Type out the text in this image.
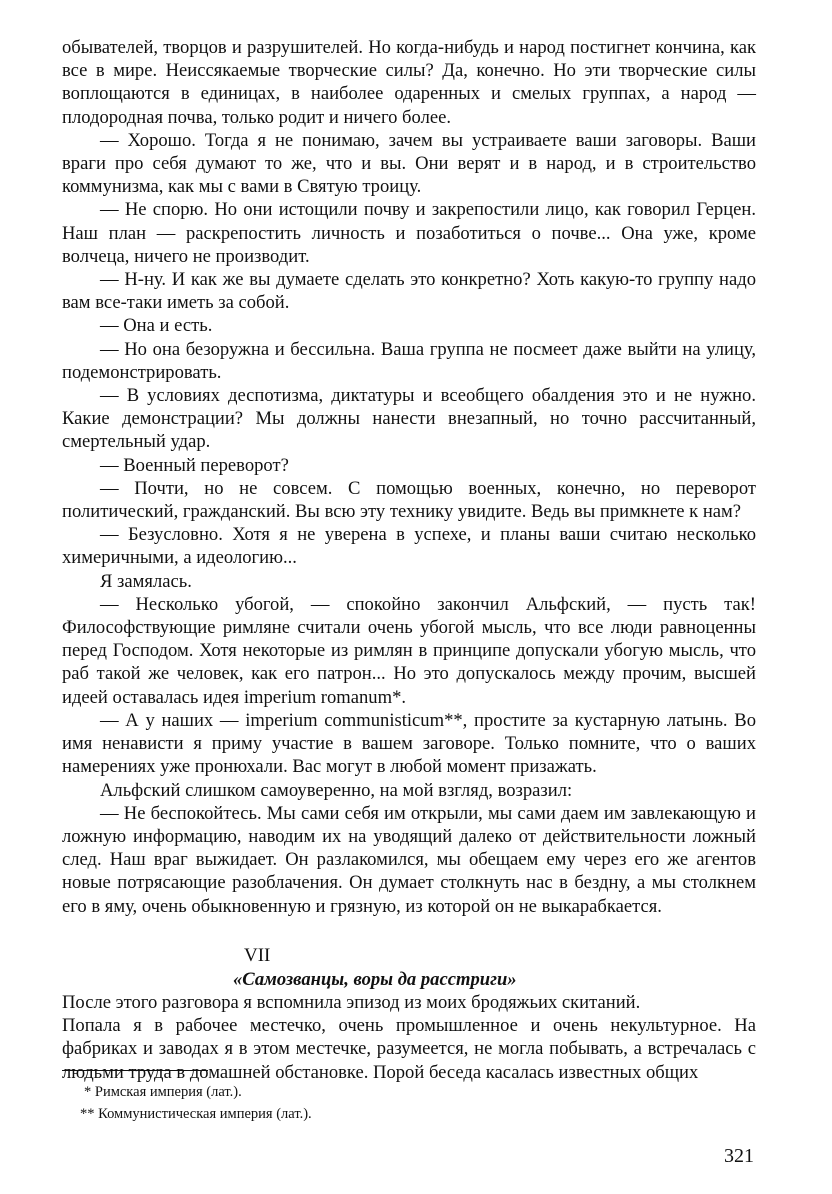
обывателей, творцов и разрушителей. Но когда-нибудь и народ постигнет кончина, как все в мире. Неиссякаемые творческие силы? Да, конечно. Но эти творческие силы воплощаются в единицах, в наиболее одаренных и смелых группах, а народ — плодородная почва, только родит и ничего более.

— Хорошо. Тогда я не понимаю, зачем вы устраиваете ваши заговоры. Ваши враги про себя думают то же, что и вы. Они верят и в народ, и в строительство коммунизма, как мы с вами в Святую троицу.

— Не спорю. Но они истощили почву и закрепостили лицо, как говорил Герцен. Наш план — раскрепостить личность и позаботиться о почве... Она уже, кроме волчеца, ничего не производит.

— Н-ну. И как же вы думаете сделать это конкретно? Хоть какую-то группу надо вам все-таки иметь за собой.

— Она и есть.

— Но она безоружна и бессильна. Ваша группа не посмеет даже выйти на улицу, подемонстрировать.

— В условиях деспотизма, диктатуры и всеобщего обалдения это и не нужно. Какие демонстрации? Мы должны нанести внезапный, но точно рассчитанный, смертельный удар.

— Военный переворот?

— Почти, но не совсем. С помощью военных, конечно, но переворот политический, гражданский. Вы всю эту технику увидите. Ведь вы примкнете к нам?

— Безусловно. Хотя я не уверена в успехе, и планы ваши считаю несколько химеричными, а идеологию...

Я замялась.

— Несколько убогой, — спокойно закончил Альфский, — пусть так! Философствующие римляне считали очень убогой мысль, что все люди равноценны перед Господом. Хотя некоторые из римлян в принципе допускали убогую мысль, что раб такой же человек, как его патрон... Но это допускалось между прочим, высшей идеей оставалась идея imperium romanum*.

— А у наших — imperium communisticum**, простите за кустарную латынь. Во имя ненависти я приму участие в вашем заговоре. Только помните, что о ваших намерениях уже пронюхали. Вас могут в любой момент призажать.

Альфский слишком самоуверенно, на мой взгляд, возразил:

— Не беспокойтесь. Мы сами себя им открыли, мы сами даем им завлекающую и ложную информацию, наводим их на уводящий далеко от действительности ложный след. Наш враг выжидает. Он разлакомился, мы обещаем ему через его же агентов новые потрясающие разоблачения. Он думает столкнуть нас в бездну, а мы столкнем его в яму, очень обыкновенную и грязную, из которой он не выкарабкается.

VII
«Самозванцы, воры да расстриги»

После этого разговора я вспомнила эпизод из моих бродяжьих скитаний.

Попала я в рабочее местечко, очень промышленное и очень некультурное. На фабриках и заводах я в этом местечке, разумеется, не могла побывать, а встречалась с людьми труда в домашней обстановке. Порой беседа касалась известных общих

* Римская империя (лат.).
** Коммунистическая империя (лат.).
321
